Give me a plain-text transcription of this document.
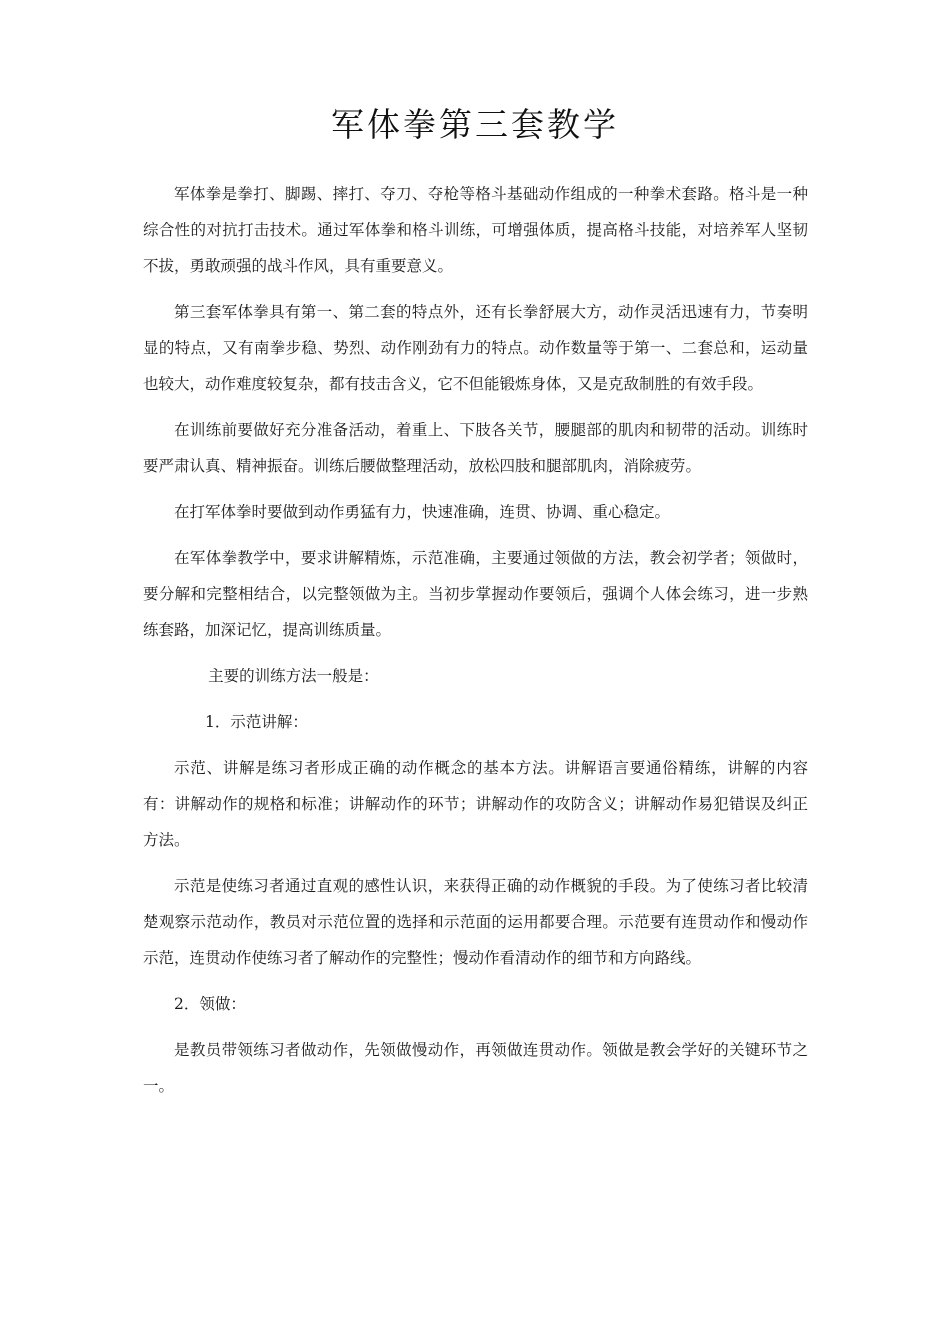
军体拳第三套教学

军体拳是拳打、脚踢、摔打、夺刀、夺枪等格斗基础动作组成的一种拳术套路。格斗是一种综合性的对抗打击技术。通过军体拳和格斗训练，可增强体质，提高格斗技能，对培养军人坚韧不拔，勇敢顽强的战斗作风，具有重要意义。

第三套军体拳具有第一、第二套的特点外，还有长拳舒展大方，动作灵活迅速有力，节奏明显的特点，又有南拳步稳、势烈、动作刚劲有力的特点。动作数量等于第一、二套总和，运动量也较大，动作难度较复杂，都有技击含义，它不但能锻炼身体，又是克敌制胜的有效手段。

在训练前要做好充分准备活动，着重上、下肢各关节，腰腿部的肌肉和韧带的活动。训练时要严肃认真、精神振奋。训练后腰做整理活动，放松四肢和腿部肌肉，消除疲劳。

在打军体拳时要做到动作勇猛有力，快速准确，连贯、协调、重心稳定。

在军体拳教学中，要求讲解精炼，示范准确，主要通过领做的方法，教会初学者；领做时，要分解和完整相结合，以完整领做为主。当初步掌握动作要领后，强调个人体会练习，进一步熟练套路，加深记忆，提高训练质量。

主要的训练方法一般是：

1．示范讲解：

示范、讲解是练习者形成正确的动作概念的基本方法。讲解语言要通俗精练，讲解的内容有：讲解动作的规格和标准；讲解动作的环节；讲解动作的攻防含义；讲解动作易犯错误及纠正方法。

示范是使练习者通过直观的感性认识，来获得正确的动作概貌的手段。为了使练习者比较清楚观察示范动作，教员对示范位置的选择和示范面的运用都要合理。示范要有连贯动作和慢动作示范，连贯动作使练习者了解动作的完整性；慢动作看清动作的细节和方向路线。

2．领做：

是教员带领练习者做动作，先领做慢动作，再领做连贯动作。领做是教会学好的关键环节之一。
